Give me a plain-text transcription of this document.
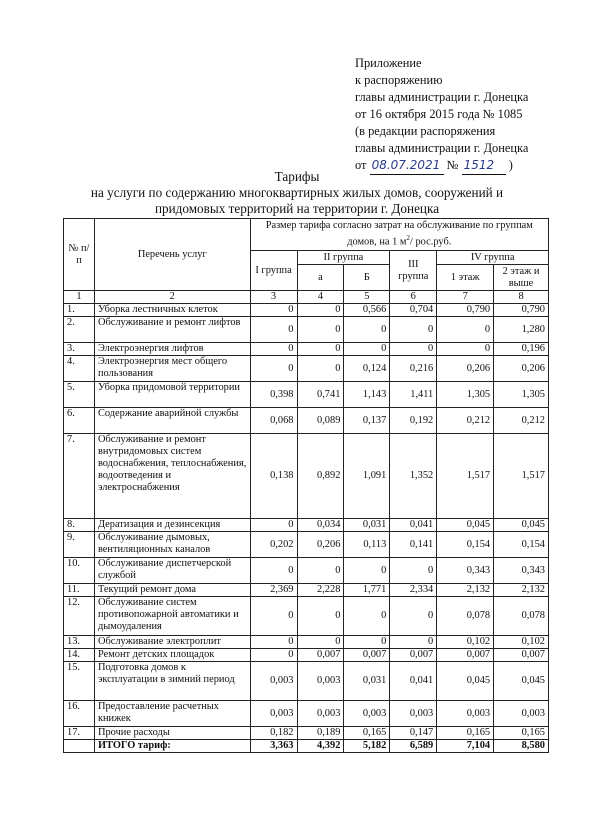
Приложение
к распоряжению
главы администрации г. Донецка
от 16 октября 2015 года № 1085
(в редакции распоряжения
главы администрации г. Донецка
от 08.07.2021 № 1512 )
Тарифы
на услуги по содержанию многоквартирных жилых домов, сооружений и
придомовых территорий на территории г. Донецка
№ п/п	Перечень услуг	Размер тарифа согласно затрат на обслуживание по группам домов, на 1 $м^2/$ рос.руб.					
		I группа	II группа		III группа	IV группа	
			а	Б		1 этаж	2 этаж и выше
1	2	3	4	5	6	7	8
1.	Уборка лестничных клеток	0	0	0,566	0,704	0,790	0,790
2.	Обслуживание и ремонт лифтов	0	0	0	0	0	1,280
3.	Электроэнергия лифтов	0	0	0	0	0	0,196
4.	Электроэнергия мест общего пользования	0	0	0,124	0,216	0,206	0,206
5.	Уборка придомовой территории	0,398	0,741	1,143	1,411	1,305	1,305
6.	Содержание аварийной службы	0,068	0,089	0,137	0,192	0,212	0,212
7.	Обслуживание и ремонт внутридомовых систем водоснабжения, теплоснабжения, водоотведения и электроснабжения	0,138	0,892	1,091	1,352	1,517	1,517
8.	Дератизация и дезинсекция	0	0,034	0,031	0,041	0,045	0,045
9.	Обслуживание дымовых, вентиляционных каналов	0,202	0,206	0,113	0,141	0,154	0,154
10.	Обслуживание диспетчерской службой	0	0	0	0	0,343	0,343
11.	Текущий ремонт дома	2,369	2,228	1,771	2,334	2,132	2,132
12.	Обслуживание систем противопожарной автоматики и дымоудаления	0	0	0	0	0,078	0,078
13.	Обслуживание электроплит	0	0	0	0	0,102	0,102
14.	Ремонт детских площадок	0	0,007	0,007	0,007	0,007	0,007
15.	Подготовка домов к эксплуатации в зимний период	0,003	0,003	0,031	0,041	0,045	0,045
16.	Предоставление расчетных книжек	0,003	0,003	0,003	0,003	0,003	0,003
17.	Прочие расходы	0,182	0,189	0,165	0,147	0,165	0,165
	ИТОГО тариф:	3,363	4,392	5,182	6,589	7,104	8,580
